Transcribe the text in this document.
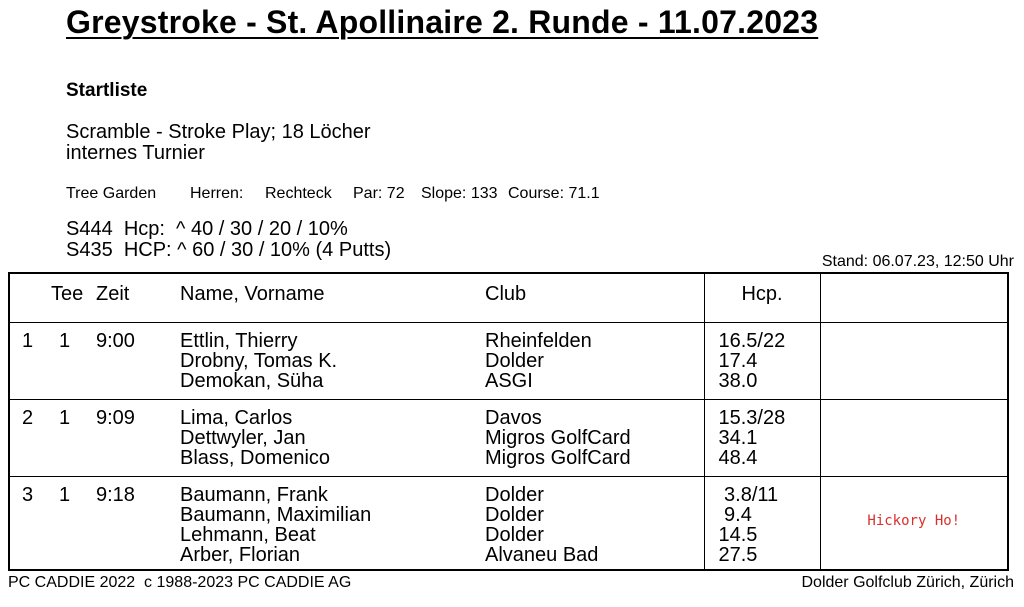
Greystroke - St. Apollinaire 2. Runde - 11.07.2023
Startliste
Scramble - Stroke Play; 18 Löcher
internes Turnier
Tree Garden Herren: Rechteck Par: 72 Slope: 133 Course: 71.1
S444  Hcp:  ^ 40 / 30 / 20 / 10%
S435  HCP: ^ 60 / 30 / 10% (4 Putts)
Stand: 06.07.23, 12:50 Uhr
	Tee	Zeit	Name, Vorname	Club	Hcp.	
1	1	9:00	Ettlin, Thierry
Drobny, Tomas K.
Demokan, Süha	Rheinfelden
Dolder
ASGI	16.5/22
17.4
38.0	

2	1	9:09	Lima, Carlos
Dettwyler, Jan
Blass, Domenico	Davos
Migros GolfCard
Migros GolfCard	15.3/28
34.1
48.4	

3	1	9:18	Baumann, Frank
Baumann, Maximilian
Lehmann, Beat
Arber, Florian	Dolder
Dolder
Dolder
Alvaneu Bad	3.8/11
9.4
14.5
27.5	Hickory Ho!
PC CADDIE 2022  c 1988-2023 PC CADDIE AG	Dolder Golfclub Zürich, Zürich
